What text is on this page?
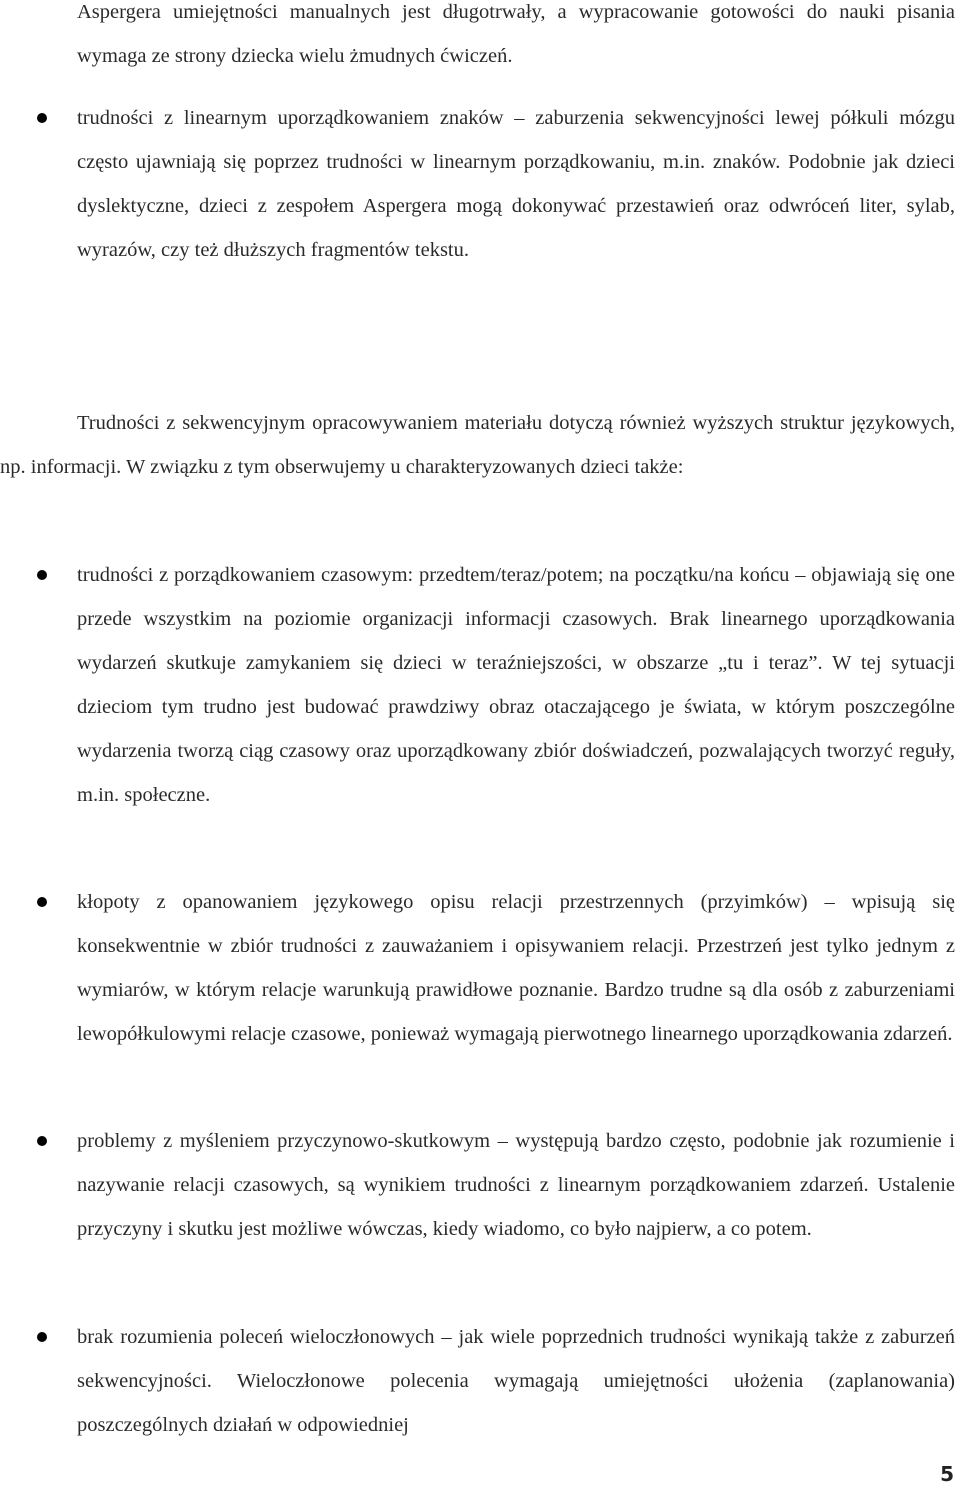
Aspergera umiejętności manualnych jest długotrwały, a wypracowanie gotowości do nauki pisania wymaga ze strony dziecka wielu żmudnych ćwiczeń.

trudności z linearnym uporządkowaniem znaków – zaburzenia sekwencyjności lewej półkuli mózgu często ujawniają się poprzez trudności w linearnym porządkowaniu, m.in. znaków. Podobnie jak dzieci dyslektyczne, dzieci z zespołem Aspergera mogą dokonywać przestawień oraz odwróceń liter, sylab, wyrazów, czy też dłuższych fragmentów tekstu.

Trudności z sekwencyjnym opracowywaniem materiału dotyczą również wyższych struktur językowych, np. informacji. W związku z tym obserwujemy u charakteryzowanych dzieci także:

trudności z porządkowaniem czasowym: przedtem/teraz/potem; na początku/na końcu – objawiają się one przede wszystkim na poziomie organizacji informacji czasowych. Brak linearnego uporządkowania wydarzeń skutkuje zamykaniem się dzieci w teraźniejszości, w obszarze „tu i teraz”. W tej sytuacji dzieciom tym trudno jest budować prawdziwy obraz otaczającego je świata, w którym poszczególne wydarzenia tworzą ciąg czasowy oraz uporządkowany zbiór doświadczeń, pozwalających tworzyć reguły, m.in. społeczne.

kłopoty z opanowaniem językowego opisu relacji przestrzennych (przyimków) – wpisują się konsekwentnie w zbiór trudności z zauważaniem i opisywaniem relacji. Przestrzeń jest tylko jednym z wymiarów, w którym relacje warunkują prawidłowe poznanie. Bardzo trudne są dla osób z zaburzeniami lewopółkulowymi relacje czasowe, ponieważ wymagają pierwotnego linearnego uporządkowania zdarzeń.

problemy z myśleniem przyczynowo-skutkowym – występują bardzo często, podobnie jak rozumienie i nazywanie relacji czasowych, są wynikiem trudności z linearnym porządkowaniem zdarzeń. Ustalenie przyczyny i skutku jest możliwe wówczas, kiedy wiadomo, co było najpierw, a co potem.

brak rozumienia poleceń wieloczłonowych – jak wiele poprzednich trudności wynikają także z zaburzeń sekwencyjności. Wieloczłonowe polecenia wymagają umiejętności ułożenia (zaplanowania) poszczególnych działań w odpowiedniej

5
